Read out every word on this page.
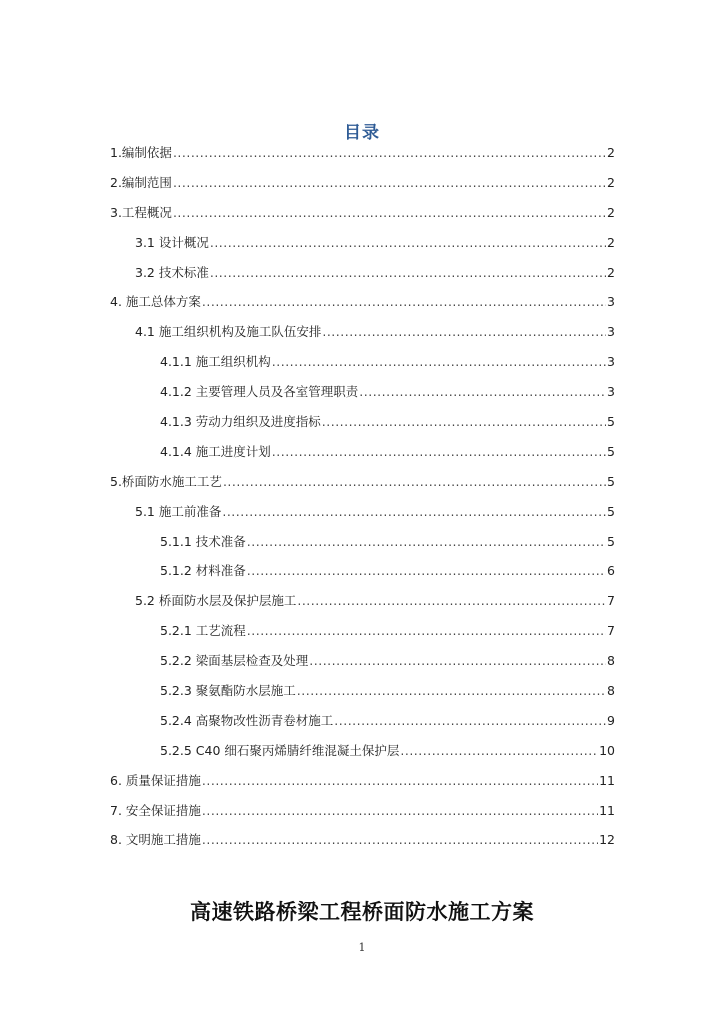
目录
1.编制依据 .....	2
2.编制范围 .....	2
3.工程概况 .....	2
3.1 设计概况 .....	2
3.2 技术标准 .....	2
4. 施工总体方案 .....	3
4.1 施工组织机构及施工队伍安排 .....	3
4.1.1 施工组织机构 .....	3
4.1.2 主要管理人员及各室管理职责 .....	3
4.1.3 劳动力组织及进度指标 .....	5
4.1.4 施工进度计划 .....	5
5.桥面防水施工工艺 .....	5
5.1 施工前准备 .....	5
5.1.1 技术准备 .....	5
5.1.2 材料准备 .....	6
5.2 桥面防水层及保护层施工 .....	7
5.2.1 工艺流程 .....	7
5.2.2 梁面基层检查及处理 .....	8
5.2.3 聚氨酯防水层施工 .....	8
5.2.4 高聚物改性沥青卷材施工 .....	9
5.2.5 C40 细石聚丙烯腈纤维混凝土保护层 .....	10
6. 质量保证措施 .....	11
7. 安全保证措施 .....	11
8. 文明施工措施 .....	12
高速铁路桥梁工程桥面防水施工方案
1
